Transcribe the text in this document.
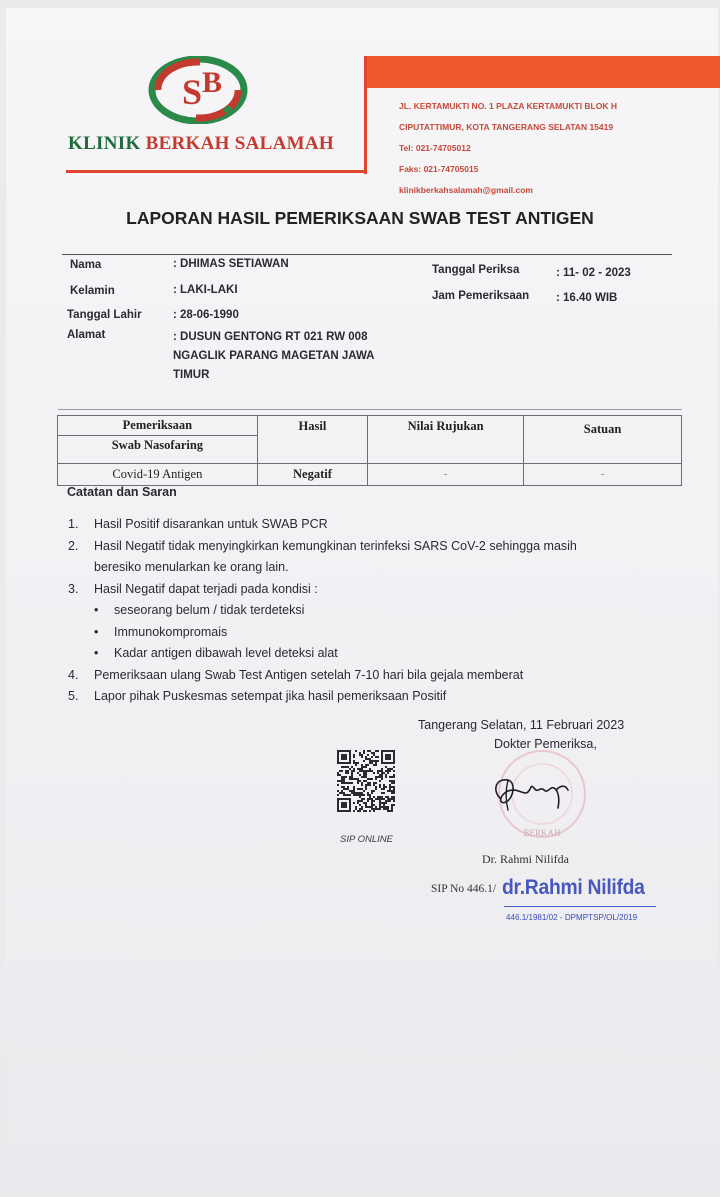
S B
KLINIK BERKAH SALAMAH
JL. KERTAMUKTI NO. 1 PLAZA KERTAMUKTI BLOK H
CIPUTATTIMUR, KOTA TANGERANG SELATAN 15419
Tel: 021-74705012
Faks: 021-74705015
klinikberkahsalamah@gmail.com
LAPORAN HASIL PEMERIKSAAN SWAB TEST ANTIGEN
Nama	: DHIMAS SETIAWAN	Tanggal Periksa	: 11- 02 - 2023
Kelamin	: LAKI-LAKI	Jam Pemeriksaan : 16.40 WIB
Tanggal Lahir	: 28-06-1990
Alamat	: DUSUN GENTONG RT 021 RW 008
NGAGLIK PARANG MAGETAN JAWA
TIMUR
Pemeriksaan	Hasil	Nilai Rujukan	Satuan
Swab Nasofaring			
Covid-19 Antigen	Negatif	-	-
Catatan dan Saran
1.	Hasil Positif disarankan untuk SWAB PCR
2.	Hasil Negatif tidak menyingkirkan kemungkinan terinfeksi SARS CoV-2 sehingga masih
beresiko menularkan ke orang lain.
3.	Hasil Negatif dapat terjadi pada kondisi :
• seseorang belum / tidak terdeteksi
• Immunokompromais
• Kadar antigen dibawah level deteksi alat
4.	Pemeriksaan ulang Swab Test Antigen setelah 7-10 hari bila gejala memberat
5.	Lapor pihak Puskesmas setempat jika hasil pemeriksaan Positif
Tangerang Selatan, 11 Februari 2023
Dokter Pemeriksa,
SIP ONLINE
BERKAH
Dr. Rahmi Nilifda
SIP No 446.1/ dr.Rahmi Nilifda
446.1/1981/02 - DPMPTSP/OL/2019
